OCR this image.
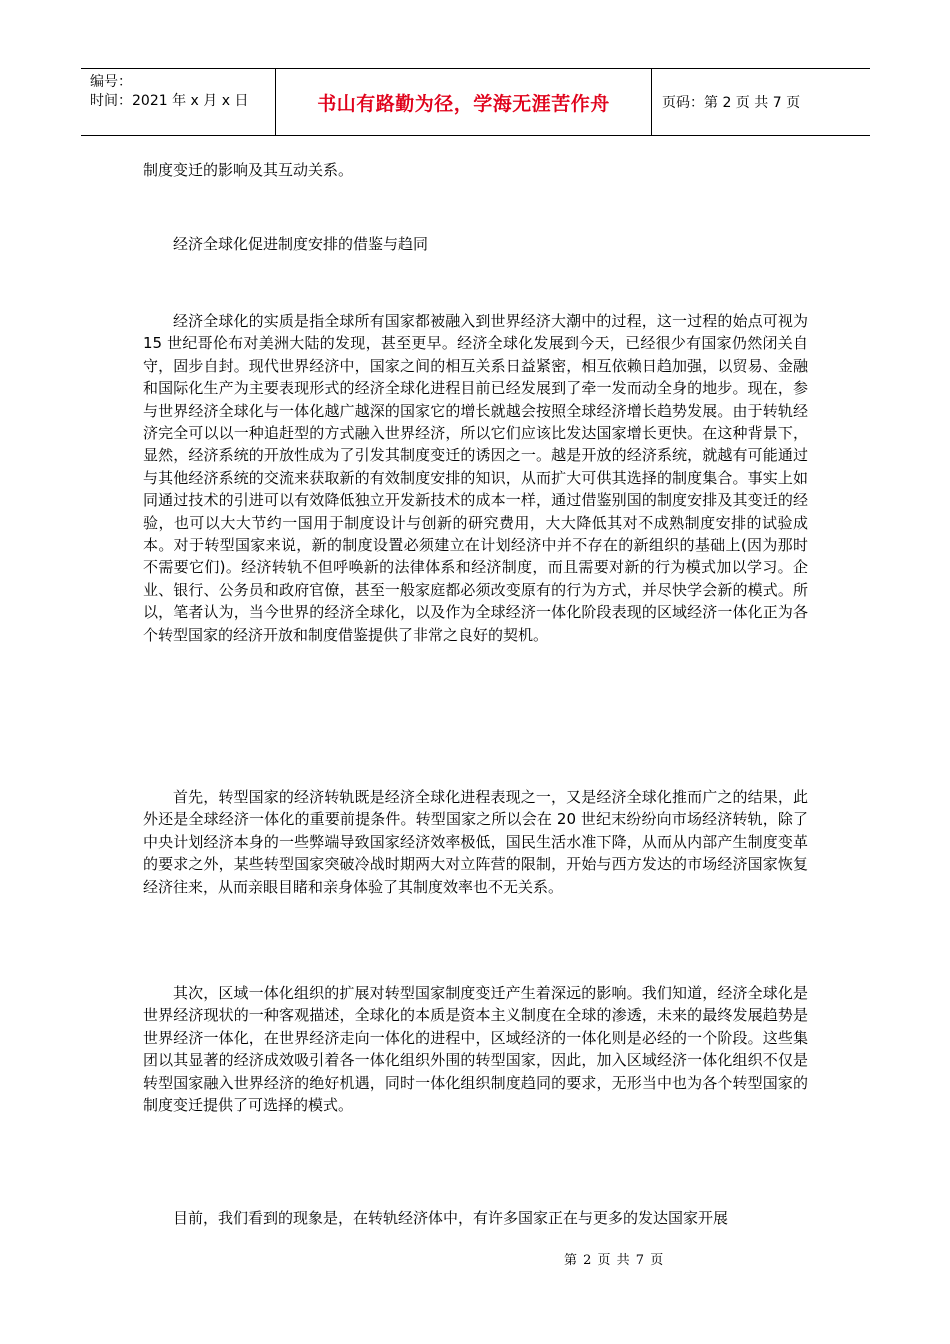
编号：
时间：2021 年 x 月 x 日	书山有路勤为径，学海无涯苦作舟	页码：第 2 页 共 7 页

制度变迁的影响及其互动关系。

经济全球化促进制度安排的借鉴与趋同

经济全球化的实质是指全球所有国家都被融入到世界经济大潮中的过程，这一过程的始点可视为 15 世纪哥伦布对美洲大陆的发现，甚至更早。经济全球化发展到今天，已经很少有国家仍然闭关自守，固步自封。现代世界经济中，国家之间的相互关系日益紧密，相互依赖日趋加强，以贸易、金融和国际化生产为主要表现形式的经济全球化进程目前已经发展到了牵一发而动全身的地步。现在，参与世界经济全球化与一体化越广越深的国家它的增长就越会按照全球经济增长趋势发展。由于转轨经济完全可以以一种追赶型的方式融入世界经济，所以它们应该比发达国家增长更快。在这种背景下，显然，经济系统的开放性成为了引发其制度变迁的诱因之一。越是开放的经济系统，就越有可能通过与其他经济系统的交流来获取新的有效制度安排的知识，从而扩大可供其选择的制度集合。事实上如同通过技术的引进可以有效降低独立开发新技术的成本一样，通过借鉴别国的制度安排及其变迁的经验，也可以大大节约一国用于制度设计与创新的研究费用，大大降低其对不成熟制度安排的试验成本。对于转型国家来说，新的制度设置必须建立在计划经济中并不存在的新组织的基础上(因为那时不需要它们)。经济转轨不但呼唤新的法律体系和经济制度，而且需要对新的行为模式加以学习。企业、银行、公务员和政府官僚，甚至一般家庭都必须改变原有的行为方式，并尽快学会新的模式。所以，笔者认为，当今世界的经济全球化，以及作为全球经济一体化阶段表现的区域经济一体化正为各个转型国家的经济开放和制度借鉴提供了非常之良好的契机。

首先，转型国家的经济转轨既是经济全球化进程表现之一，又是经济全球化推而广之的结果，此外还是全球经济一体化的重要前提条件。转型国家之所以会在 20 世纪末纷纷向市场经济转轨，除了中央计划经济本身的一些弊端导致国家经济效率极低，国民生活水准下降，从而从内部产生制度变革的要求之外，某些转型国家突破冷战时期两大对立阵营的限制，开始与西方发达的市场经济国家恢复经济往来，从而亲眼目睹和亲身体验了其制度效率也不无关系。

其次，区域一体化组织的扩展对转型国家制度变迁产生着深远的影响。我们知道，经济全球化是世界经济现状的一种客观描述，全球化的本质是资本主义制度在全球的渗透，未来的最终发展趋势是世界经济一体化，在世界经济走向一体化的进程中，区域经济的一体化则是必经的一个阶段。这些集团以其显著的经济成效吸引着各一体化组织外围的转型国家，因此，加入区域经济一体化组织不仅是转型国家融入世界经济的绝好机遇，同时一体化组织制度趋同的要求，无形当中也为各个转型国家的制度变迁提供了可选择的模式。

目前，我们看到的现象是，在转轨经济体中，有许多国家正在与更多的发达国家开展

第 2 页 共 7 页
